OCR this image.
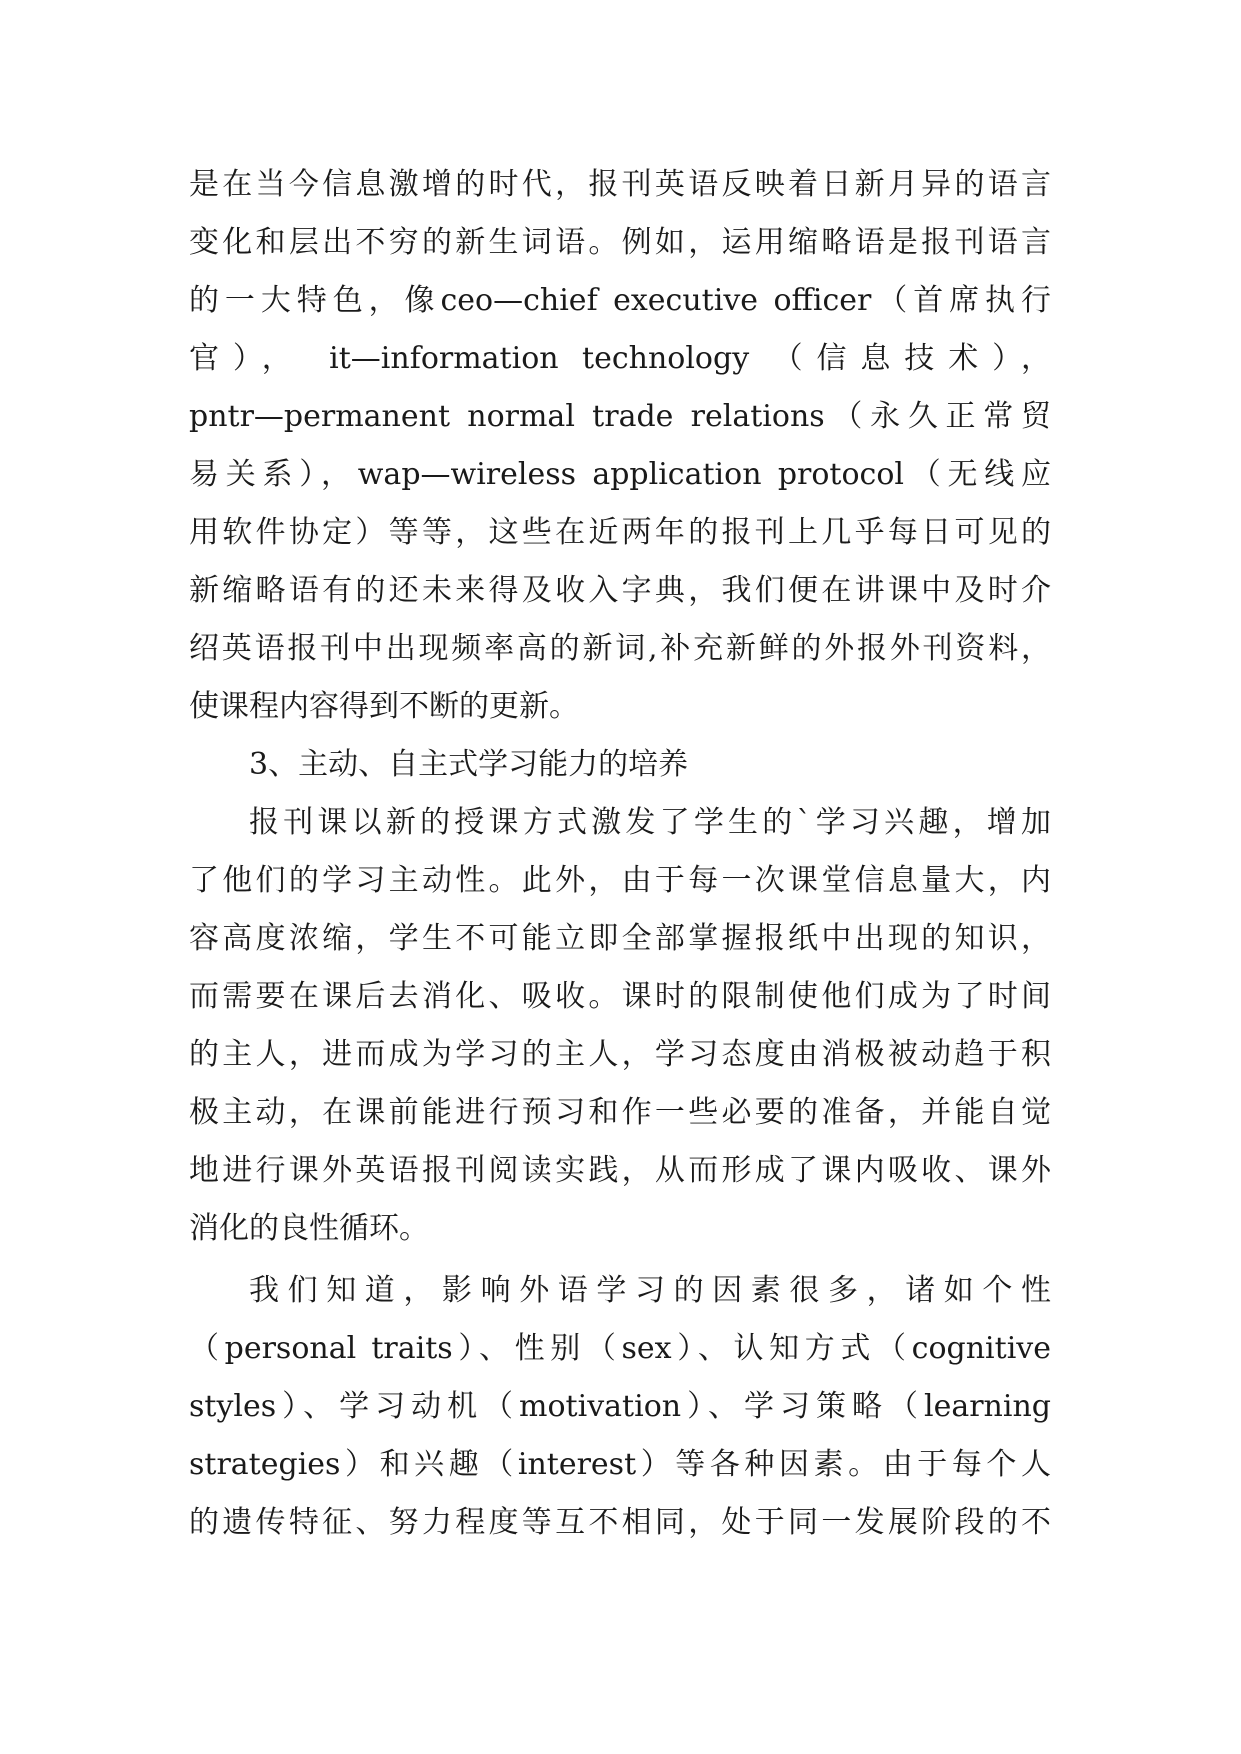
是在当今信息激增的时代，报刊英语反映着日新月异的语言
变化和层出不穷的新生词语。例如，运用缩略语是报刊语言
的一大特色，像ceo—chief executive officer（首席执行
官）， it—information technology （信息技术），
pntr—permanent normal trade relations（永久正常贸
易关系），wap—wireless application protocol（无线应
用软件协定）等等，这些在近两年的报刊上几乎每日可见的
新缩略语有的还未来得及收入字典，我们便在讲课中及时介
绍英语报刊中出现频率高的新词,补充新鲜的外报外刊资料，
使课程内容得到不断的更新。
3、主动、自主式学习能力的培养
报刊课以新的授课方式激发了学生的`学习兴趣，增加
了他们的学习主动性。此外，由于每一次课堂信息量大，内
容高度浓缩，学生不可能立即全部掌握报纸中出现的知识，
而需要在课后去消化、吸收。课时的限制使他们成为了时间
的主人，进而成为学习的主人，学习态度由消极被动趋于积
极主动，在课前能进行预习和作一些必要的准备，并能自觉
地进行课外英语报刊阅读实践，从而形成了课内吸收、课外
消化的良性循环。
我们知道，影响外语学习的因素很多，诸如个性
（personal traits）、性别（sex）、认知方式（cognitive
styles）、学习动机（motivation）、学习策略（learning
strategies）和兴趣（interest）等各种因素。由于每个人
的遗传特征、努力程度等互不相同，处于同一发展阶段的不
